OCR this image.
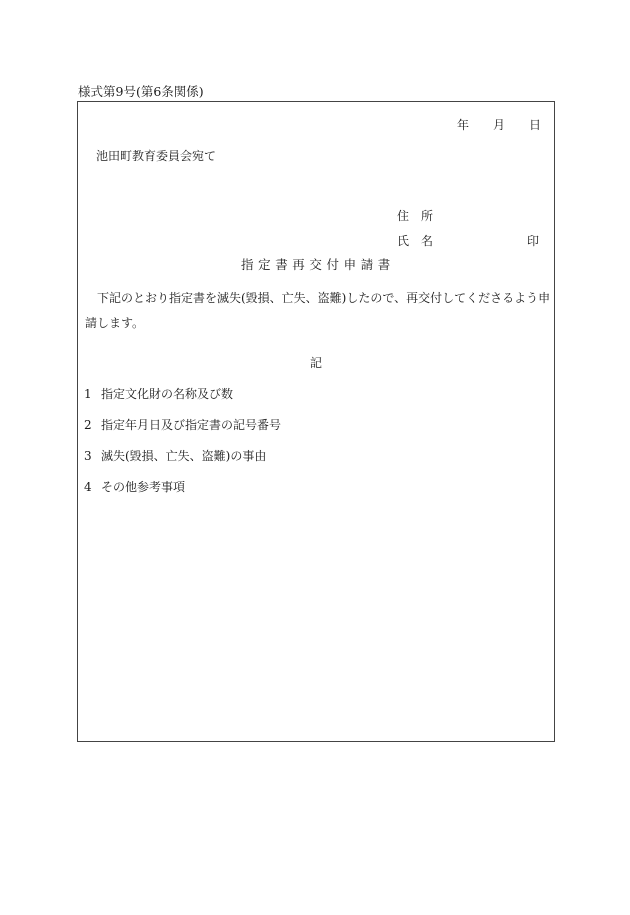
様式第9号(第6条関係)
年 月 日
池田町教育委員会宛て
住 所
氏 名	印
指定書再交付申請書
下記のとおり指定書を滅失(毀損、亡失、盗難)したので、再交付してくださるよう申請します。
記
1 指定文化財の名称及び数
2 指定年月日及び指定書の記号番号
3 滅失(毀損、亡失、盗難)の事由
4 その他参考事項
